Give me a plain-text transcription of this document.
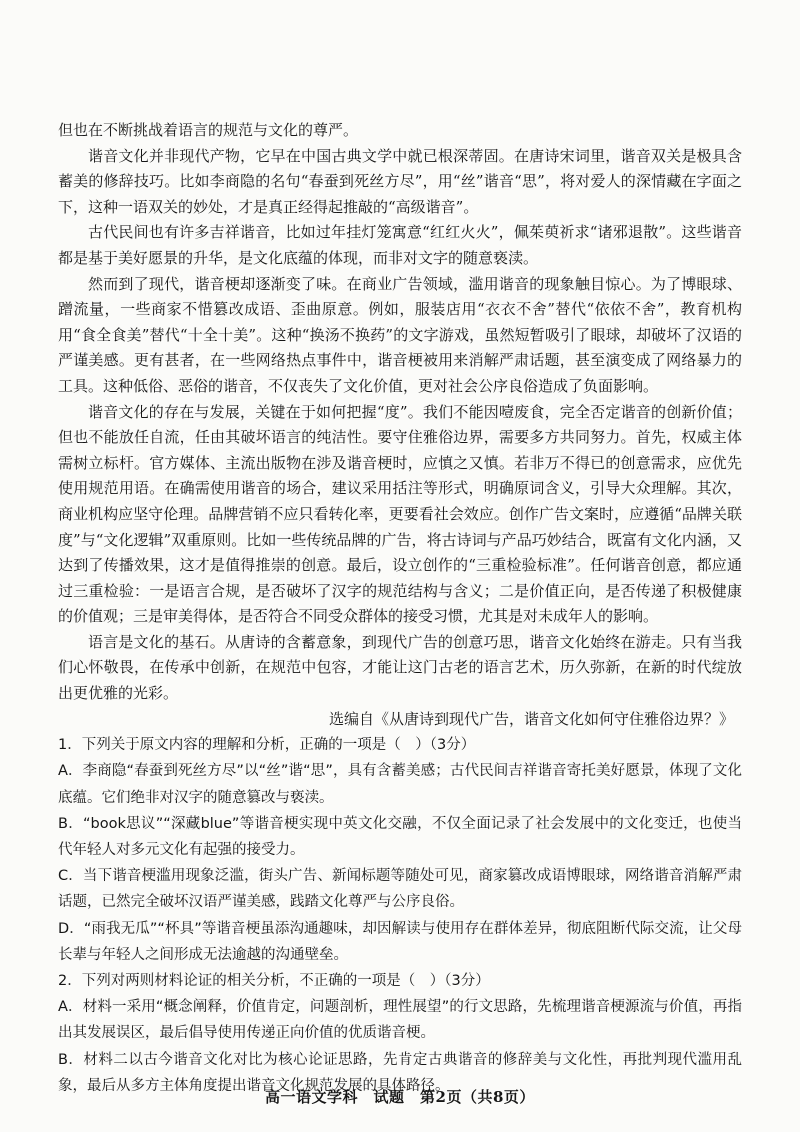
但也在不断挑战着语言的规范与文化的尊严。

谐音文化并非现代产物，它早在中国古典文学中就已根深蒂固。在唐诗宋词里，谐音双关是极具含蓄美的修辞技巧。比如李商隐的名句“春蚕到死丝方尽”，用“丝”谐音“思”，将对爱人的深情藏在字面之下，这种一语双关的妙处，才是真正经得起推敲的“高级谐音”。

古代民间也有许多吉祥谐音，比如过年挂灯笼寓意“红红火火”，佩茱萸祈求“诸邪退散”。这些谐音都是基于美好愿景的升华，是文化底蕴的体现，而非对文字的随意亵渎。

然而到了现代，谐音梗却逐渐变了味。在商业广告领域，滥用谐音的现象触目惊心。为了博眼球、蹭流量，一些商家不惜篡改成语、歪曲原意。例如，服装店用“衣衣不舍”替代“依依不舍”，教育机构用“食全食美”替代“十全十美”。这种“换汤不换药”的文字游戏，虽然短暂吸引了眼球，却破坏了汉语的严谨美感。更有甚者，在一些网络热点事件中，谐音梗被用来消解严肃话题，甚至演变成了网络暴力的工具。这种低俗、恶俗的谐音，不仅丧失了文化价值，更对社会公序良俗造成了负面影响。

谐音文化的存在与发展，关键在于如何把握“度”。我们不能因噎废食，完全否定谐音的创新价值；但也不能放任自流，任由其破坏语言的纯洁性。要守住雅俗边界，需要多方共同努力。首先，权威主体需树立标杆。官方媒体、主流出版物在涉及谐音梗时，应慎之又慎。若非万不得已的创意需求，应优先使用规范用语。在确需使用谐音的场合，建议采用括注等形式，明确原词含义，引导大众理解。其次，商业机构应坚守伦理。品牌营销不应只看转化率，更要看社会效应。创作广告文案时，应遵循“品牌关联度”与“文化逻辑”双重原则。比如一些传统品牌的广告，将古诗词与产品巧妙结合，既富有文化内涵，又达到了传播效果，这才是值得推崇的创意。最后，设立创作的“三重检验标准”。任何谐音创意，都应通过三重检验：一是语言合规，是否破坏了汉字的规范结构与含义；二是价值正向，是否传递了积极健康的价值观；三是审美得体，是否符合不同受众群体的接受习惯，尤其是对未成年人的影响。

语言是文化的基石。从唐诗的含蓄意象，到现代广告的创意巧思，谐音文化始终在游走。只有当我们心怀敬畏，在传承中创新，在规范中包容，才能让这门古老的语言艺术，历久弥新，在新的时代绽放出更优雅的光彩。

选编自《从唐诗到现代广告，谐音文化如何守住雅俗边界？》

1．下列关于原文内容的理解和分析，正确的一项是（　）（3分）

A．李商隐“春蚕到死丝方尽”以“丝”谐“思”，具有含蓄美感；古代民间吉祥谐音寄托美好愿景，体现了文化底蕴。它们绝非对汉字的随意篡改与亵渎。

B．“book思议”“深藏blue”等谐音梗实现中英文化交融，不仅全面记录了社会发展中的文化变迁，也使当代年轻人对多元文化有起强的接受力。

C．当下谐音梗滥用现象泛滥，街头广告、新闻标题等随处可见，商家篡改成语博眼球，网络谐音消解严肃话题，已然完全破坏汉语严谨美感，践踏文化尊严与公序良俗。

D．“雨我无瓜”“杯具”等谐音梗虽添沟通趣味，却因解读与使用存在群体差异，彻底阻断代际交流，让父母长辈与年轻人之间形成无法逾越的沟通壁垒。

2．下列对两则材料论证的相关分析，不正确的一项是（　）（3分）

A．材料一采用“概念阐释，价值肯定，问题剖析，理性展望”的行文思路，先梳理谐音梗源流与价值，再指出其发展误区，最后倡导使用传递正向价值的优质谐音梗。

B．材料二以古今谐音文化对比为核心论证思路，先肯定古典谐音的修辞美与文化性，再批判现代滥用乱象，最后从多方主体角度提出谐音文化规范发展的具体路径。

高一语文学科　试题　第2页（共8页）
